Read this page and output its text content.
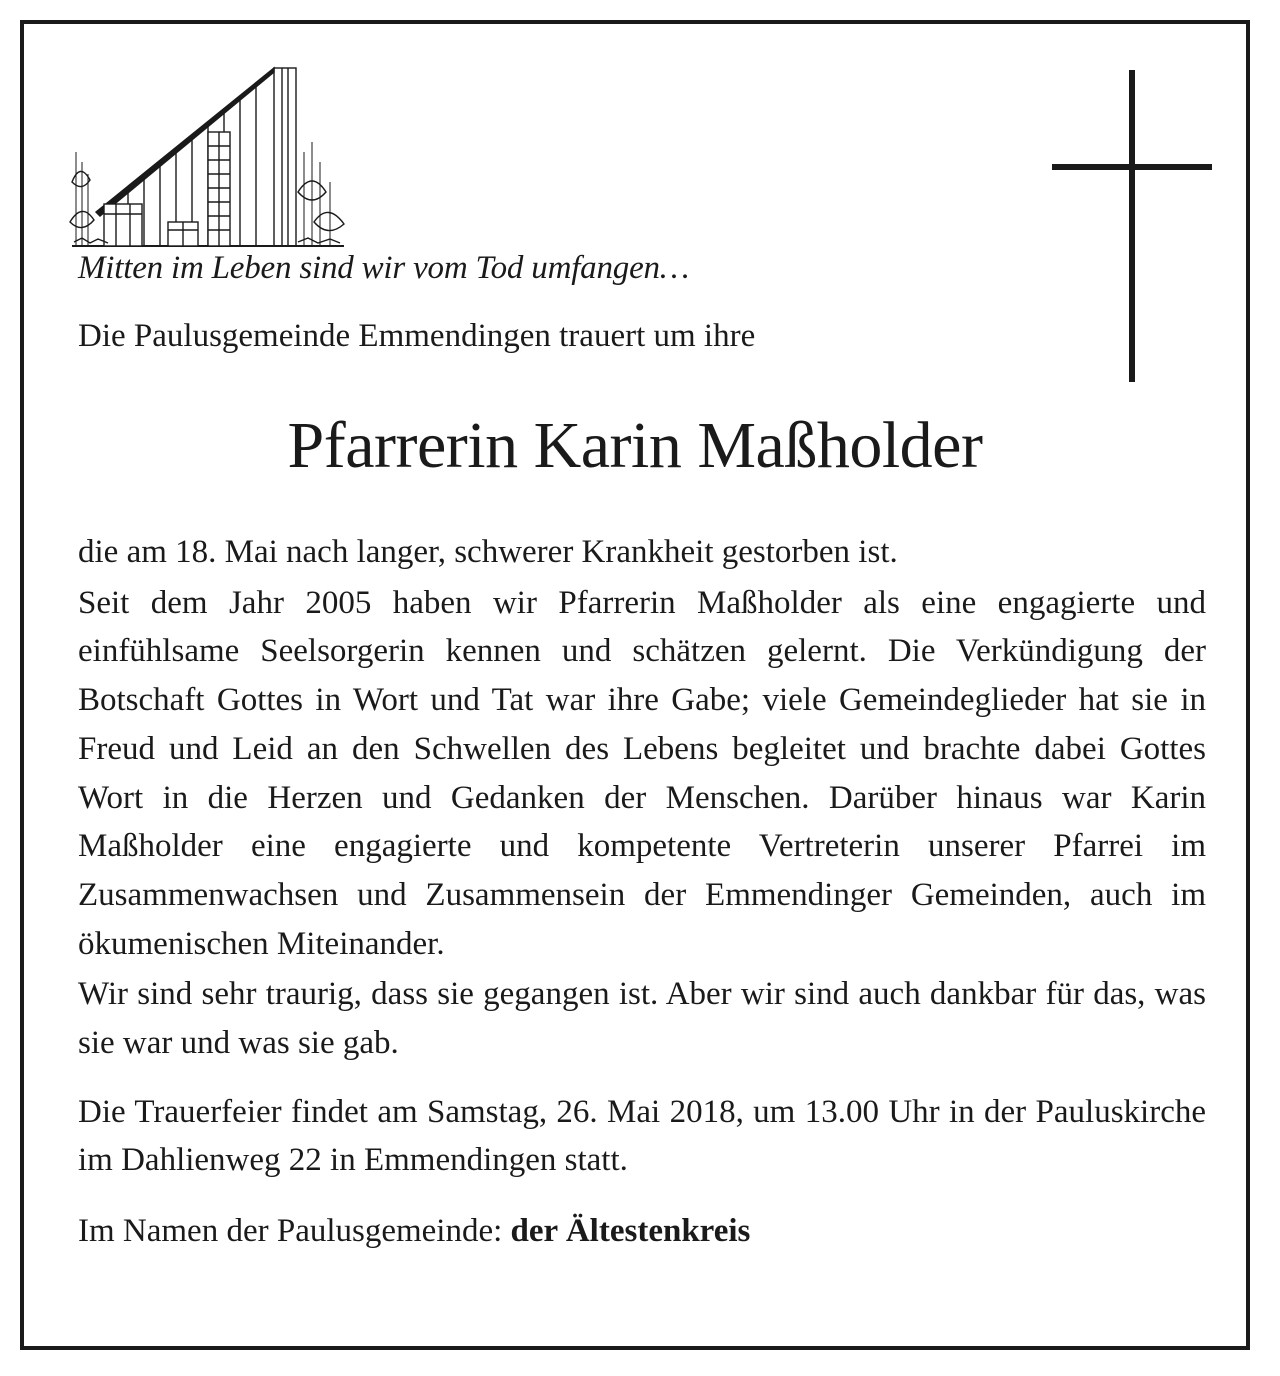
Mitten im Leben sind wir vom Tod umfangen…
Die Paulusgemeinde Emmendingen trauert um ihre
Pfarrerin Karin Maßholder

die am 18. Mai nach langer, schwerer Krankheit gestorben ist.

Seit dem Jahr 2005 haben wir Pfarrerin Maßholder als eine engagierte und einfühlsame Seelsorgerin kennen und schätzen gelernt. Die Verkündigung der Botschaft Gottes in Wort und Tat war ihre Gabe; viele Gemeindeglieder hat sie in Freud und Leid an den Schwellen des Lebens begleitet und brachte dabei Gottes Wort in die Herzen und Gedanken der Menschen. Darüber hinaus war Karin Maßholder eine engagierte und kompetente Vertreterin unserer Pfarrei im Zusammenwachsen und Zusammensein der Emmendinger Gemeinden, auch im ökumenischen Miteinander.

Wir sind sehr traurig, dass sie gegangen ist. Aber wir sind auch dankbar für das, was sie war und was sie gab.

Die Trauerfeier findet am Samstag, 26. Mai 2018, um 13.00 Uhr in der Pauluskirche im Dahlienweg 22 in Emmendingen statt.

Im Namen der Paulusgemeinde: der Ältestenkreis
